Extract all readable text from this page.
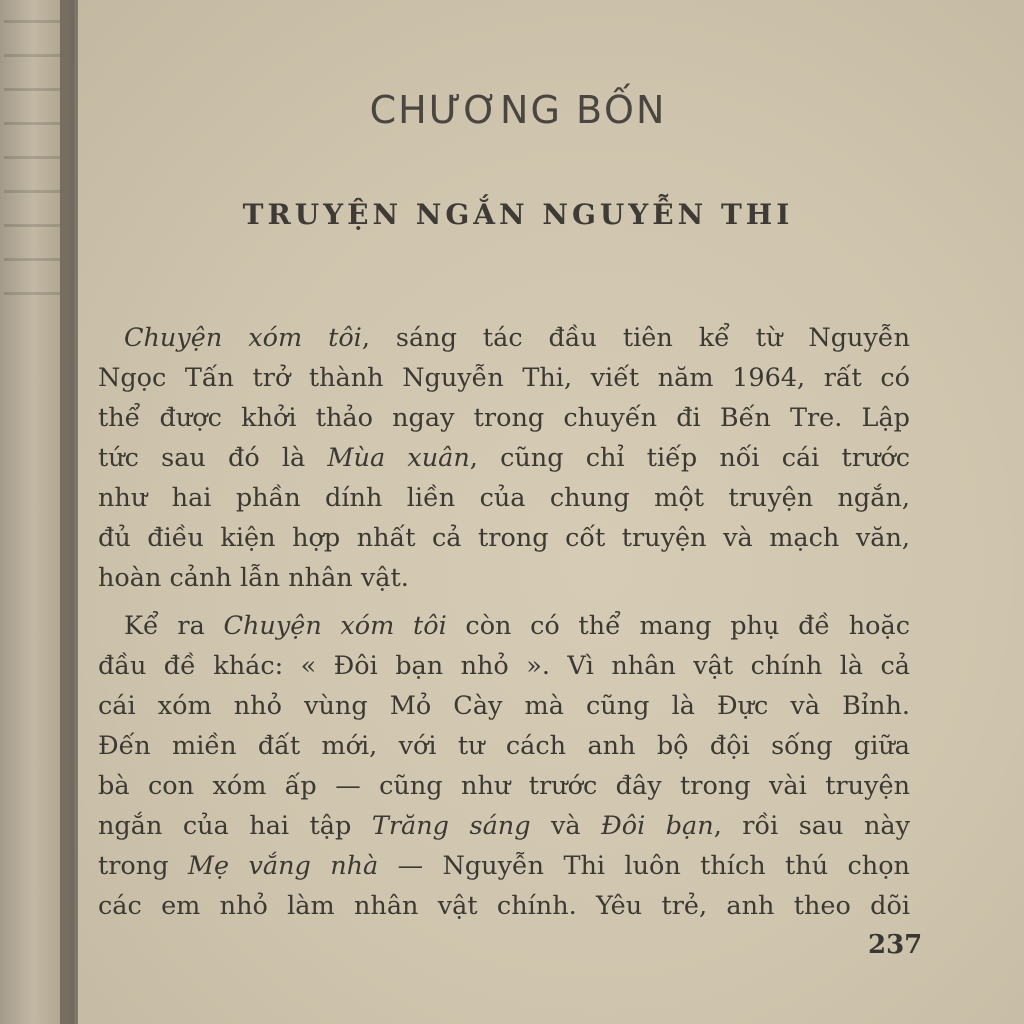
CHƯƠNG BỐN
TRUYỆN NGẮN NGUYỄN THI
Chuyện xóm tôi, sáng tác đầu tiên kể từ Nguyễn
Ngọc Tấn trở thành Nguyễn Thi, viết năm 1964, rất có
thể được khởi thảo ngay trong chuyến đi Bến Tre. Lập
tức sau đó là Mùa xuân, cũng chỉ tiếp nối cái trước
như hai phần dính liền của chung một truyện ngắn,
đủ điều kiện hợp nhất cả trong cốt truyện và mạch văn,
hoàn cảnh lẫn nhân vật.
Kể ra Chuyện xóm tôi còn có thể mang phụ đề hoặc
đầu đề khác: « Đôi bạn nhỏ ». Vì nhân vật chính là cả
cái xóm nhỏ vùng Mỏ Cày mà cũng là Đực và Bỉnh.
Đến miền đất mới, với tư cách anh bộ đội sống giữa
bà con xóm ấp — cũng như trước đây trong vài truyện
ngắn của hai tập Trăng sáng và Đôi bạn, rồi sau này
trong Mẹ vắng nhà — Nguyễn Thi luôn thích thú chọn
các em nhỏ làm nhân vật chính. Yêu trẻ, anh theo dõi
237
